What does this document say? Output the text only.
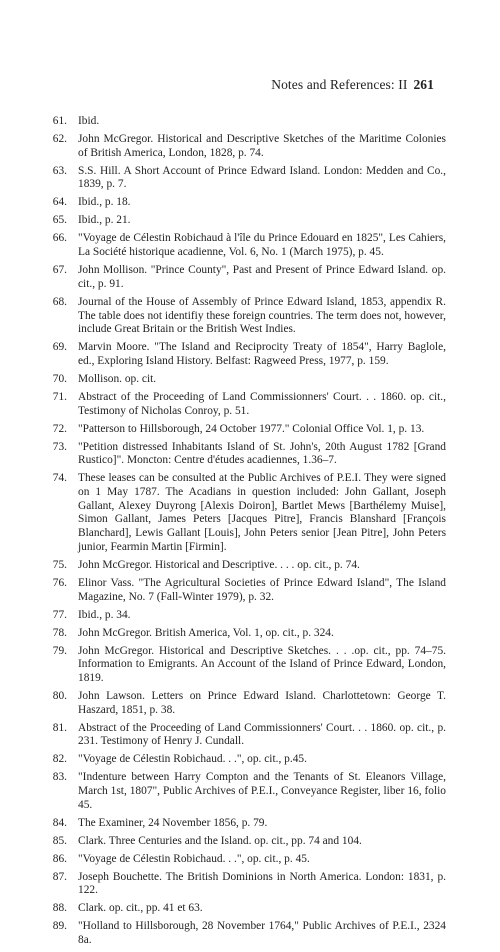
Notes and References: II 261
61. Ibid.
62. John McGregor. Historical and Descriptive Sketches of the Maritime Colonies of British America, London, 1828, p. 74.
63. S.S. Hill. A Short Account of Prince Edward Island. London: Medden and Co., 1839, p. 7.
64. Ibid., p. 18.
65. Ibid., p. 21.
66. "Voyage de Célestin Robichaud à l'île du Prince Edouard en 1825", Les Cahiers, La Société historique acadienne, Vol. 6, No. 1 (March 1975), p. 45.
67. John Mollison. "Prince County", Past and Present of Prince Edward Island. op. cit., p. 91.
68. Journal of the House of Assembly of Prince Edward Island, 1853, appendix R. The table does not identifiy these foreign countries. The term does not, however, include Great Britain or the British West Indies.
69. Marvin Moore. "The Island and Reciprocity Treaty of 1854", Harry Baglole, ed., Exploring Island History. Belfast: Ragweed Press, 1977, p. 159.
70. Mollison. op. cit.
71. Abstract of the Proceeding of Land Commissionners' Court. . . 1860. op. cit., Testimony of Nicholas Conroy, p. 51.
72. "Patterson to Hillsborough, 24 October 1977." Colonial Office Vol. 1, p. 13.
73. "Petition distressed Inhabitants Island of St. John's, 20th August 1782 [Grand Rustico]". Moncton: Centre d'études acadiennes, 1.36–7.
74. These leases can be consulted at the Public Archives of P.E.I. They were signed on 1 May 1787. The Acadians in question included: John Gallant, Joseph Gallant, Alexey Duyrong [Alexis Doiron], Bartlet Mews [Barthélemy Muise], Simon Gallant, James Peters [Jacques Pitre], Francis Blanshard [François Blanchard], Lewis Gallant [Louis], John Peters senior [Jean Pitre], John Peters junior, Fearmin Martin [Firmin].
75. John McGregor. Historical and Descriptive. . . . op. cit., p. 74.
76. Elinor Vass. "The Agricultural Societies of Prince Edward Island", The Island Magazine, No. 7 (Fall-Winter 1979), p. 32.
77. Ibid., p. 34.
78. John McGregor. British America, Vol. 1, op. cit., p. 324.
79. John McGregor. Historical and Descriptive Sketches. . . .op. cit., pp. 74–75. Information to Emigrants. An Account of the Island of Prince Edward, London, 1819.
80. John Lawson. Letters on Prince Edward Island. Charlottetown: George T. Haszard, 1851, p. 38.
81. Abstract of the Proceeding of Land Commissionners' Court. . . 1860. op. cit., p. 231. Testimony of Henry J. Cundall.
82. "Voyage de Célestin Robichaud. . .", op. cit., p.45.
83. "Indenture between Harry Compton and the Tenants of St. Eleanors Village, March 1st, 1807", Public Archives of P.E.I., Conveyance Register, liber 16, folio 45.
84. The Examiner, 24 November 1856, p. 79.
85. Clark. Three Centuries and the Island. op. cit., pp. 74 and 104.
86. "Voyage de Célestin Robichaud. . .", op. cit., p. 45.
87. Joseph Bouchette. The British Dominions in North America. London: 1831, p. 122.
88. Clark. op. cit., pp. 41 et 63.
89. "Holland to Hillsborough, 28 November 1764," Public Archives of P.E.I., 2324 8a.
